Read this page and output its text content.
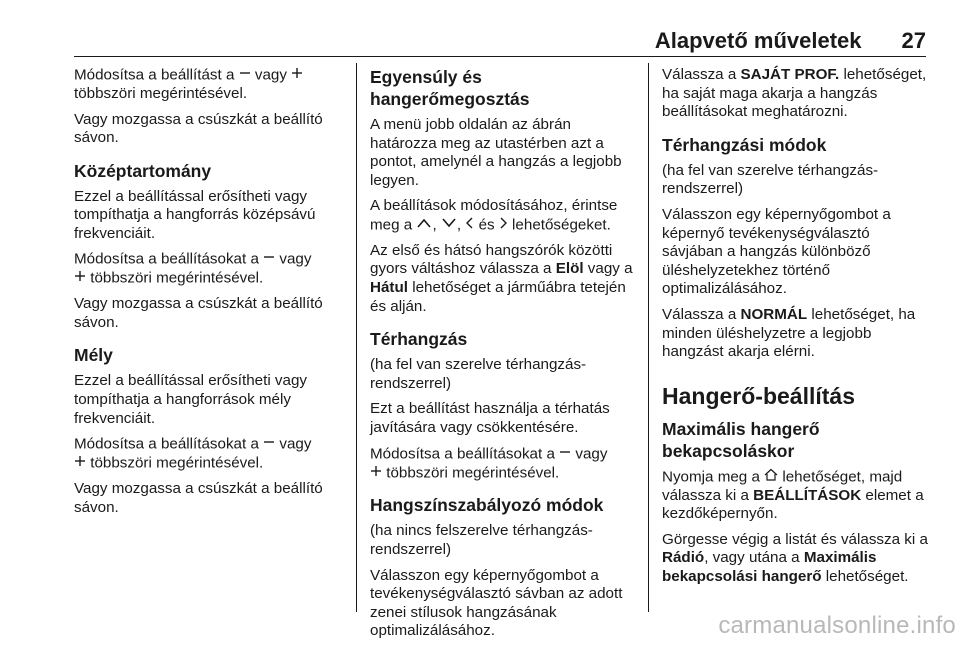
Alapvető műveletek 27

Módosítsa a beállítást a  vagy
többszöri megérintésével.

Vagy mozgassa a csúszkát a beállító sávon.

Középtartomány

Ezzel a beállítással erősítheti vagy tompíthatja a hangforrás középsávú frekvenciáit.

Módosítsa a beállításokat a  vagy
többszöri megérintésével.

Vagy mozgassa a csúszkát a beállító sávon.

Mély

Ezzel a beállítással erősítheti vagy tompíthatja a hangforrások mély frekvenciáit.

Módosítsa a beállításokat a  vagy
többszöri megérintésével.

Vagy mozgassa a csúszkát a beállító sávon.

Egyensúly és hangerőmegosztás

A menü jobb oldalán az ábrán határozza meg az utastérben azt a pontot, amelynél a hangzás a legjobb legyen.

A beállítások módosításához, érintse meg a , ,  és  lehetőségeket.

Az első és hátsó hangszórók közötti gyors váltáshoz válassza a Elöl vagy a Hátul lehetőséget a járműábra tetején és alján.

Térhangzás

(ha fel van szerelve térhangzás-rendszerrel)

Ezt a beállítást használja a térhatás javítására vagy csökkentésére.

Módosítsa a beállításokat a  vagy
többszöri megérintésével.

Hangszínszabályozó módok

(ha nincs felszerelve térhangzás-rendszerrel)

Válasszon egy képernyőgombot a tevékenységválasztó sávban az adott zenei stílusok hangzásának optimalizálásához.

Válassza a SAJÁT PROF. lehetőséget, ha saját maga akarja a hangzás beállításokat meghatározni.

Térhangzási módok

(ha fel van szerelve térhangzás-rendszerrel)

Válasszon egy képernyőgombot a képernyő tevékenységválasztó sávjában a hangzás különböző üléshelyzetekhez történő optimalizálásához.

Válassza a NORMÁL lehetőséget, ha minden üléshelyzetre a legjobb hangzást akarja elérni.

Hangerő-beállítás
Maximális hangerő bekapcsoláskor

Nyomja meg a  lehetőséget, majd válassza ki a BEÁLLÍTÁSOK elemet a kezdőképernyőn.

Görgesse végig a listát és válassza ki a Rádió, vagy utána a Maximális bekapcsolási hangerő lehetőséget.

carmanualsonline.info
